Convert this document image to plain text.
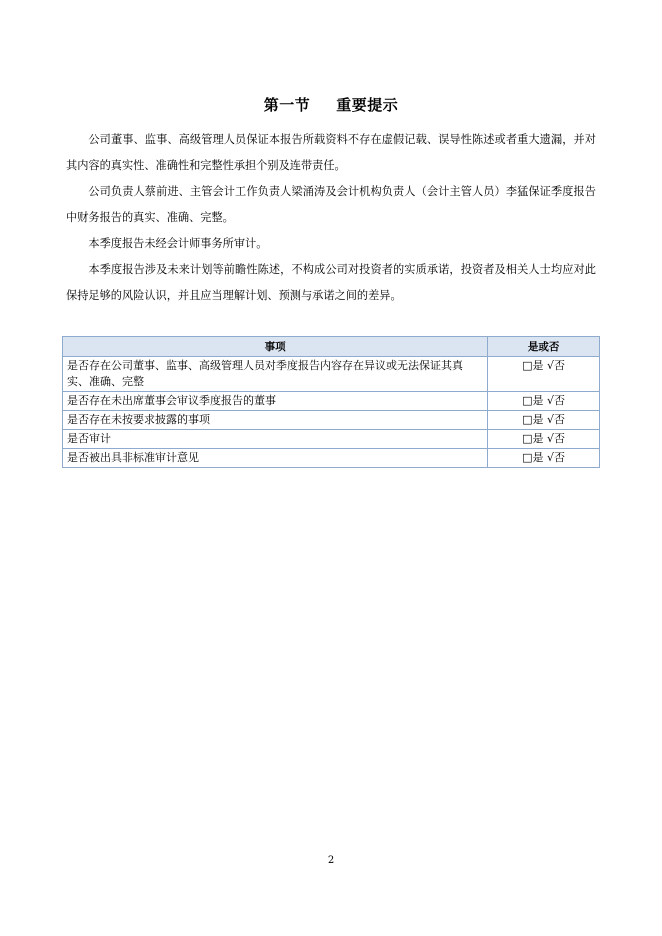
第一节 重要提示

公司董事、监事、高级管理人员保证本报告所载资料不存在虚假记载、误导性陈述或者重大遗漏，并对其内容的真实性、准确性和完整性承担个别及连带责任。

公司负责人蔡前进、主管会计工作负责人梁涌涛及会计机构负责人（会计主管人员）李猛保证季度报告中财务报告的真实、准确、完整。

本季度报告未经会计师事务所审计。

本季度报告涉及未来计划等前瞻性陈述，不构成公司对投资者的实质承诺，投资者及相关人士均应对此保持足够的风险认识，并且应当理解计划、预测与承诺之间的差异。

事项	是或否
是否存在公司董事、监事、高级管理人员对季度报告内容存在异议或无法保证其真实、准确、完整	□是 √否
是否存在未出席董事会审议季度报告的董事	□是 √否
是否存在未按要求披露的事项	□是 √否
是否审计	□是 √否
是否被出具非标准审计意见	□是 √否
2
